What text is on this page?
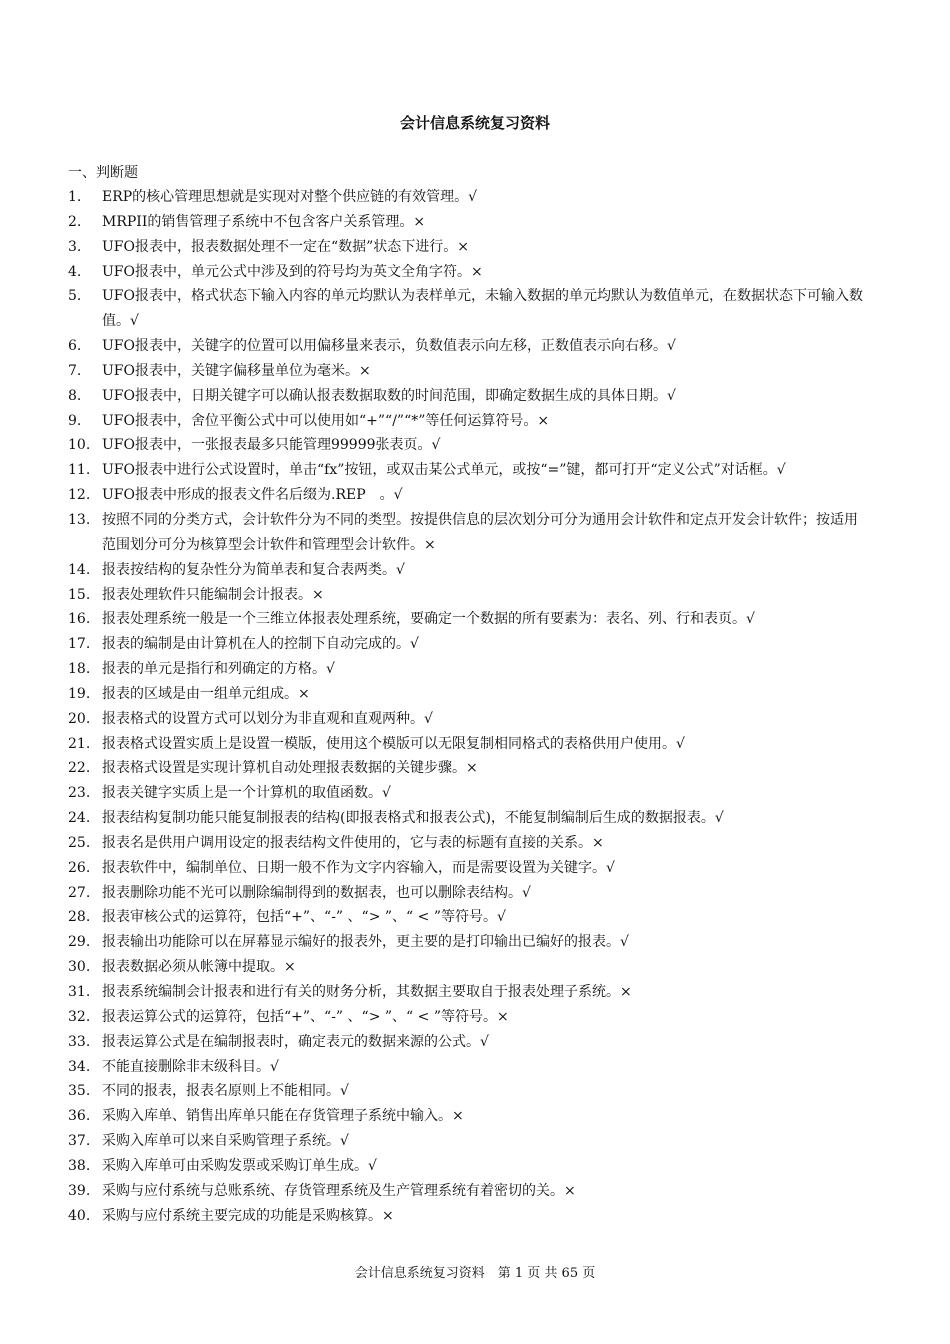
会计信息系统复习资料
一、判断题
1. ERP的核心管理思想就是实现对对整个供应链的有效管理。√
2. MRPII的销售管理子系统中不包含客户关系管理。×
3. UFO报表中，报表数据处理不一定在“数据”状态下进行。×
4. UFO报表中，单元公式中涉及到的符号均为英文全角字符。×
5. UFO报表中，格式状态下输入内容的单元均默认为表样单元，未输入数据的单元均默认为数值单元，在数据状态下可输入数值。√
6. UFO报表中，关键字的位置可以用偏移量来表示，负数值表示向左移，正数值表示向右移。√
7. UFO报表中，关键字偏移量单位为毫米。×
8. UFO报表中，日期关键字可以确认报表数据取数的时间范围，即确定数据生成的具体日期。√
9. UFO报表中，舍位平衡公式中可以使用如“+”“/”“*”等任何运算符号。×
10. UFO报表中，一张报表最多只能管理99999张表页。√
11. UFO报表中进行公式设置时，单击“fx”按钮，或双击某公式单元，或按“=”键，都可打开“定义公式”对话框。√
12. UFO报表中形成的报表文件名后缀为.REP　。√
13. 按照不同的分类方式，会计软件分为不同的类型。按提供信息的层次划分可分为通用会计软件和定点开发会计软件；按适用范围划分可分为核算型会计软件和管理型会计软件。×
14. 报表按结构的复杂性分为简单表和复合表两类。√
15. 报表处理软件只能编制会计报表。×
16. 报表处理系统一般是一个三维立体报表处理系统，要确定一个数据的所有要素为：表名、列、行和表页。√
17. 报表的编制是由计算机在人的控制下自动完成的。√
18. 报表的单元是指行和列确定的方格。√
19. 报表的区域是由一组单元组成。×
20. 报表格式的设置方式可以划分为非直观和直观两种。√
21. 报表格式设置实质上是设置一模版，使用这个模版可以无限复制相同格式的表格供用户使用。√
22. 报表格式设置是实现计算机自动处理报表数据的关键步骤。×
23. 报表关键字实质上是一个计算机的取值函数。√
24. 报表结构复制功能只能复制报表的结构(即报表格式和报表公式)，不能复制编制后生成的数据报表。√
25. 报表名是供用户调用设定的报表结构文件使用的，它与表的标题有直接的关系。×
26. 报表软件中，编制单位、日期一般不作为文字内容输入，而是需要设置为关键字。√
27. 报表删除功能不光可以删除编制得到的数据表，也可以删除表结构。√
28. 报表审核公式的运算符，包括“+”、“-” 、“> ”、“ < ”等符号。√
29. 报表输出功能除可以在屏幕显示编好的报表外，更主要的是打印输出已编好的报表。√
30. 报表数据必须从帐簿中提取。×
31. 报表系统编制会计报表和进行有关的财务分析，其数据主要取自于报表处理子系统。×
32. 报表运算公式的运算符，包括“+”、“-” 、“> ”、“ < ”等符号。×
33. 报表运算公式是在编制报表时，确定表元的数据来源的公式。√
34. 不能直接删除非末级科目。√
35. 不同的报表，报表名原则上不能相同。√
36. 采购入库单、销售出库单只能在存货管理子系统中输入。×
37. 采购入库单可以来自采购管理子系统。√
38. 采购入库单可由采购发票或采购订单生成。√
39. 采购与应付系统与总账系统、存货管理系统及生产管理系统有着密切的关。×
40. 采购与应付系统主要完成的功能是采购核算。×
会计信息系统复习资料　第 1 页 共 65 页
